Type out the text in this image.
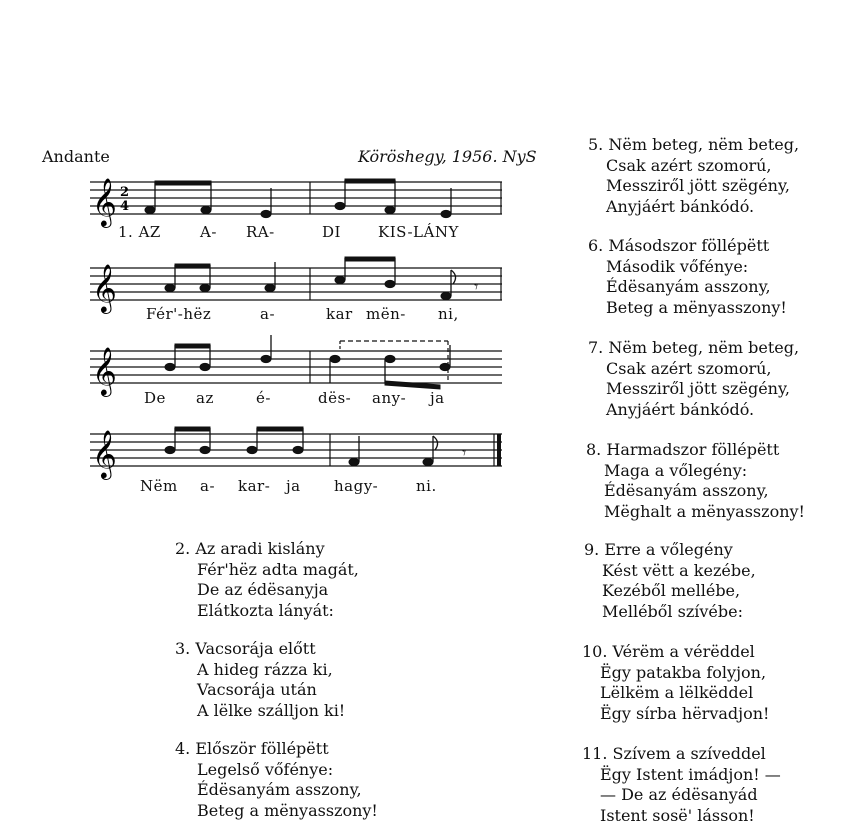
Andante	Köröshegy, 1956. NyS
𝄞 2
4
1. AZ	A- RA-	DI KIS-LÁNY
𝄞	𝄾
Fér'-hëz	a-	kar mën- ni,
𝄞
De az	é-	dës- any- ja
𝄞	𝄾
Nëm a- kar- ja hagy-	ni.
2. Az aradi kislány
Fér'hëz adta magát,
De az édësanyja
Elátkozta lányát:
3. Vacsorája előtt
A hideg rázza ki,
Vacsorája után
A lëlke szálljon ki!
4. Először föllépëtt
Legelső vőfénye:
Édësanyám asszony,
Beteg a mënyasszony!
5. Nëm beteg, nëm beteg,
Csak azért szomorú,
Messziről jött szëgény,
Anyjáért bánkódó.
6. Másodszor föllépëtt
Második vőfénye:
Édësanyám asszony,
Beteg a mënyasszony!
7. Nëm beteg, nëm beteg,
Csak azért szomorú,
Messziről jött szëgény,
Anyjáért bánkódó.
8. Harmadszor föllépëtt
Maga a vőlegény:
Édësanyám asszony,
Mëghalt a mënyasszony!
9. Erre a vőlegény
Kést vëtt a kezébe,
Kezéből mellébe,
Melléből szívébe:
10. Vérëm a vérëddel
Ëgy patakba folyjon,
Lëlkëm a lëlkëddel
Ëgy sírba hërvadjon!
11. Szívem a szíveddel
Ëgy Istent imádjon! —
— De az édësanyád
Istent sosë' lásson!
